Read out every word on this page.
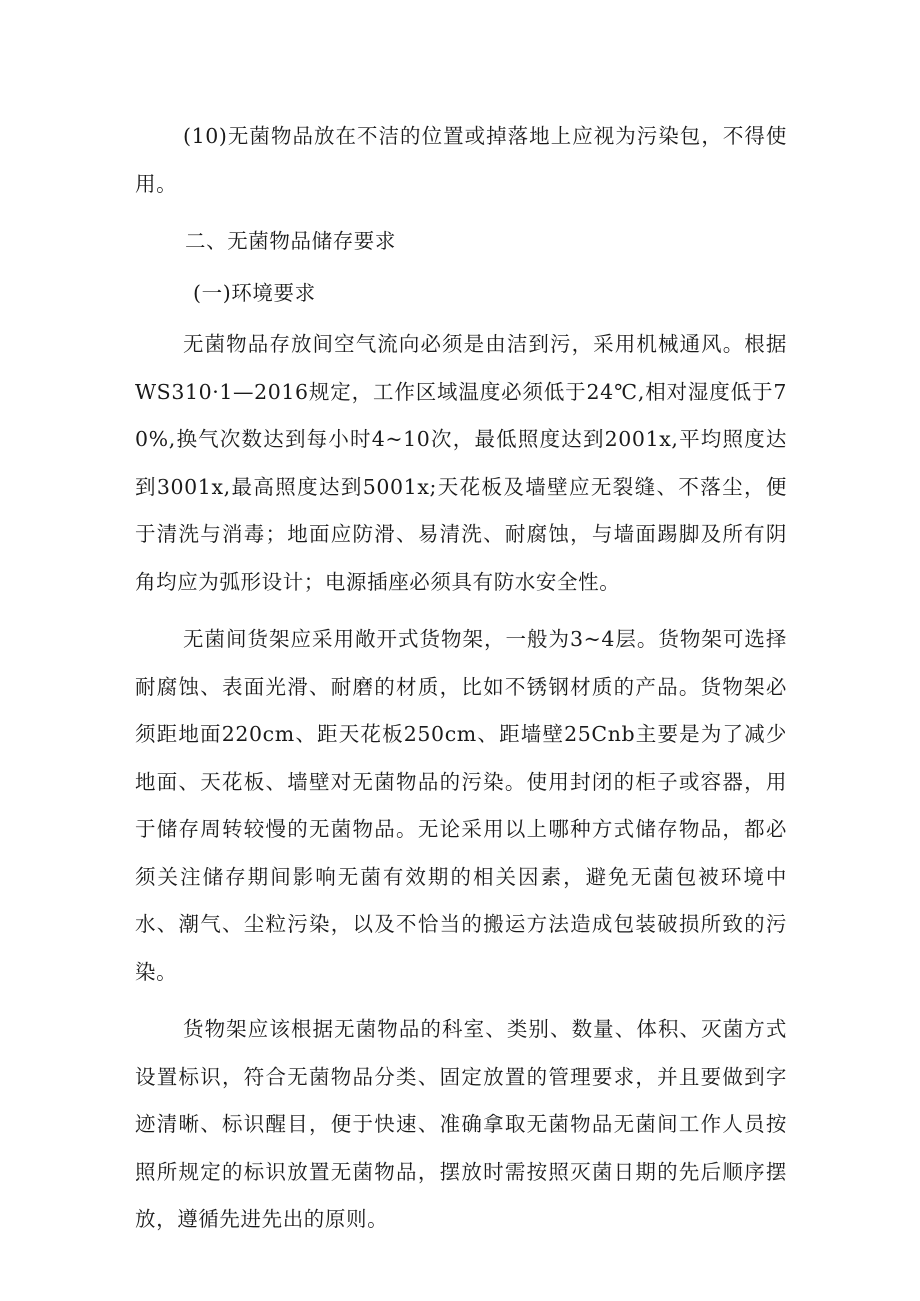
(10)无菌物品放在不洁的位置或掉落地上应视为污染包，不得使用。

二、无菌物品储存要求

(一)环境要求

无菌物品存放间空气流向必须是由洁到污，采用机械通风。根据WS310·1—2016规定，工作区域温度必须低于24℃,相对湿度低于70%,换气次数达到每小时4~10次，最低照度达到2001x,平均照度达到3001x,最高照度达到5001x;天花板及墙壁应无裂缝、不落尘，便于清洗与消毒；地面应防滑、易清洗、耐腐蚀，与墙面踢脚及所有阴角均应为弧形设计；电源插座必须具有防水安全性。

无菌间货架应采用敞开式货物架，一般为3~4层。货物架可选择耐腐蚀、表面光滑、耐磨的材质，比如不锈钢材质的产品。货物架必须距地面220cm、距天花板250cm、距墙壁25Cnb主要是为了减少地面、天花板、墙壁对无菌物品的污染。使用封闭的柜子或容器，用于储存周转较慢的无菌物品。无论采用以上哪种方式储存物品，都必须关注储存期间影响无菌有效期的相关因素，避免无菌包被环境中水、潮气、尘粒污染，以及不恰当的搬运方法造成包装破损所致的污染。

货物架应该根据无菌物品的科室、类别、数量、体积、灭菌方式设置标识，符合无菌物品分类、固定放置的管理要求，并且要做到字迹清晰、标识醒目，便于快速、准确拿取无菌物品无菌间工作人员按照所规定的标识放置无菌物品，摆放时需按照灭菌日期的先后顺序摆放，遵循先进先出的原则。
